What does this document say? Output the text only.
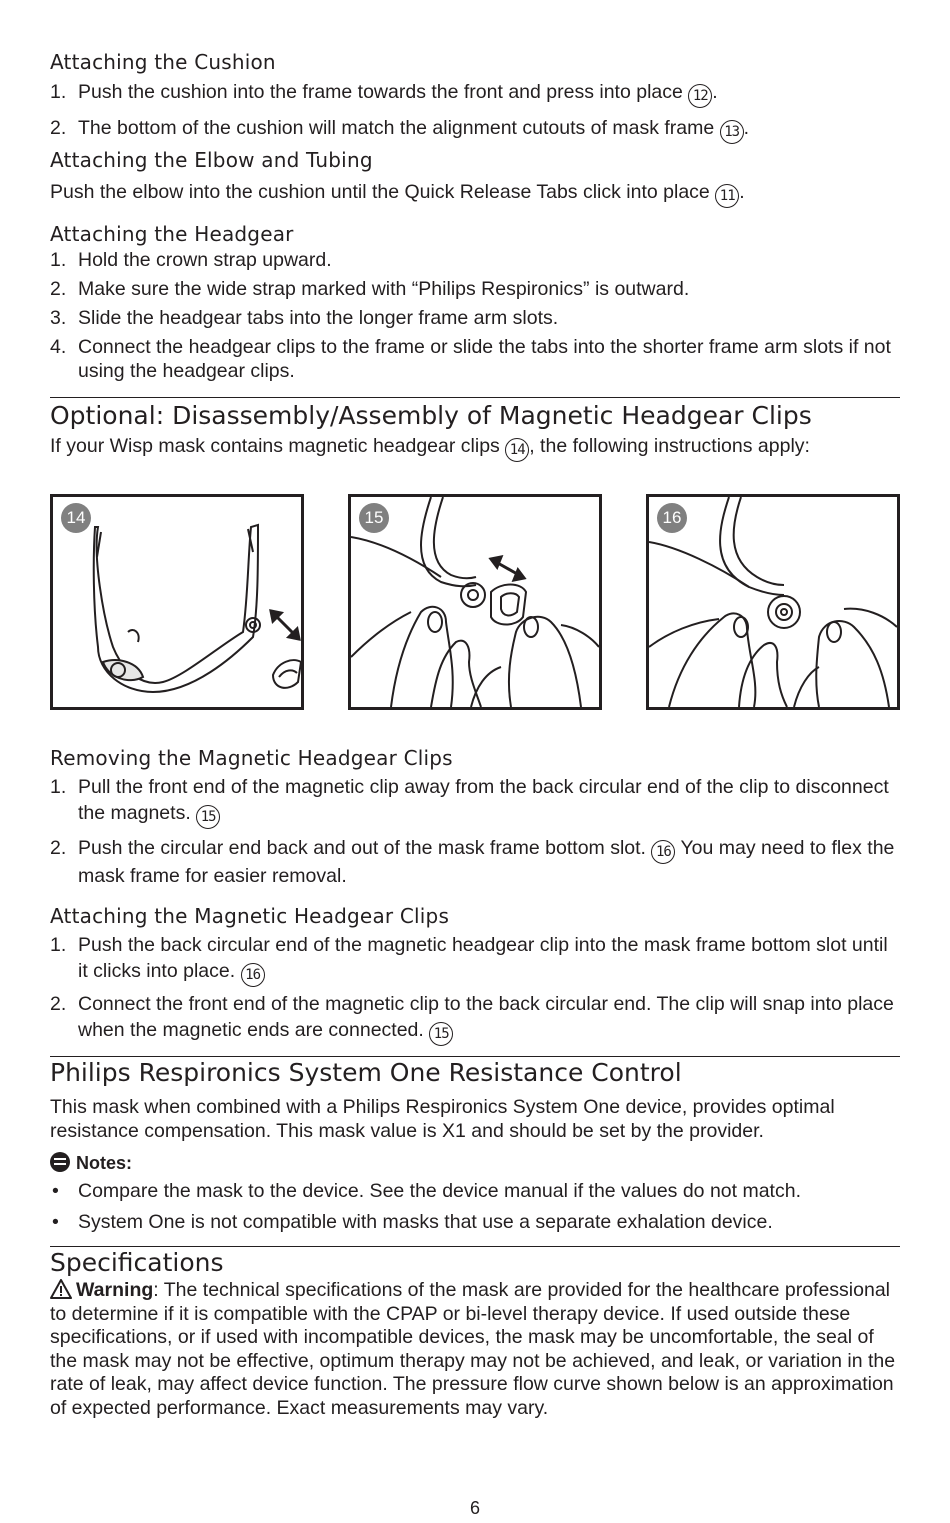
Attaching the Cushion
1. Push the cushion into the frame towards the front and press into place 12 .
2. The bottom of the cushion will match the alignment cutouts of mask frame 13 .
Attaching the Elbow and Tubing

Push the elbow into the cushion until the Quick Release Tabs click into place 11 .

Attaching the Headgear
1. Hold the crown strap upward.
2. Make sure the wide strap marked with “Philips Respironics” is outward.
3. Slide the headgear tabs into the longer frame arm slots.
4. Connect the headgear clips to the frame or slide the tabs into the shorter frame arm slots if not using the headgear clips.
Optional: Disassembly/Assembly of Magnetic Headgear Clips

If your Wisp mask contains magnetic headgear clips 14 , the following instructions apply:

14	15	16
Removing the Magnetic Headgear Clips
1. Pull the front end of the magnetic clip away from the back circular end of the clip to disconnect the magnets. 15
2. Push the circular end back and out of the mask frame bottom slot. 16 You may need to flex the mask frame for easier removal.
Attaching the Magnetic Headgear Clips
1. Push the back circular end of the magnetic headgear clip into the mask frame bottom slot until it clicks into place. 16
2. Connect the front end of the magnetic clip to the back circular end. The clip will snap into place when the magnetic ends are connected. 15
Philips Respironics System One Resistance Control

This mask when combined with a Philips Respironics System One device, provides optimal resistance compensation. This mask value is X1 and should be set by the provider.

Notes:

• Compare the mask to the device. See the device manual if the values do not match.
• System One is not compatible with masks that use a separate exhalation device.
Specifications

Warning: The technical specifications of the mask are provided for the healthcare professional to determine if it is compatible with the CPAP or bi-level therapy device. If used outside these specifications, or if used with incompatible devices, the mask may be uncomfortable, the seal of the mask may not be effective, optimum therapy may not be achieved, and leak, or variation in the rate of leak, may affect device function. The pressure flow curve shown below is an approximation of expected performance. Exact measurements may vary.

6
